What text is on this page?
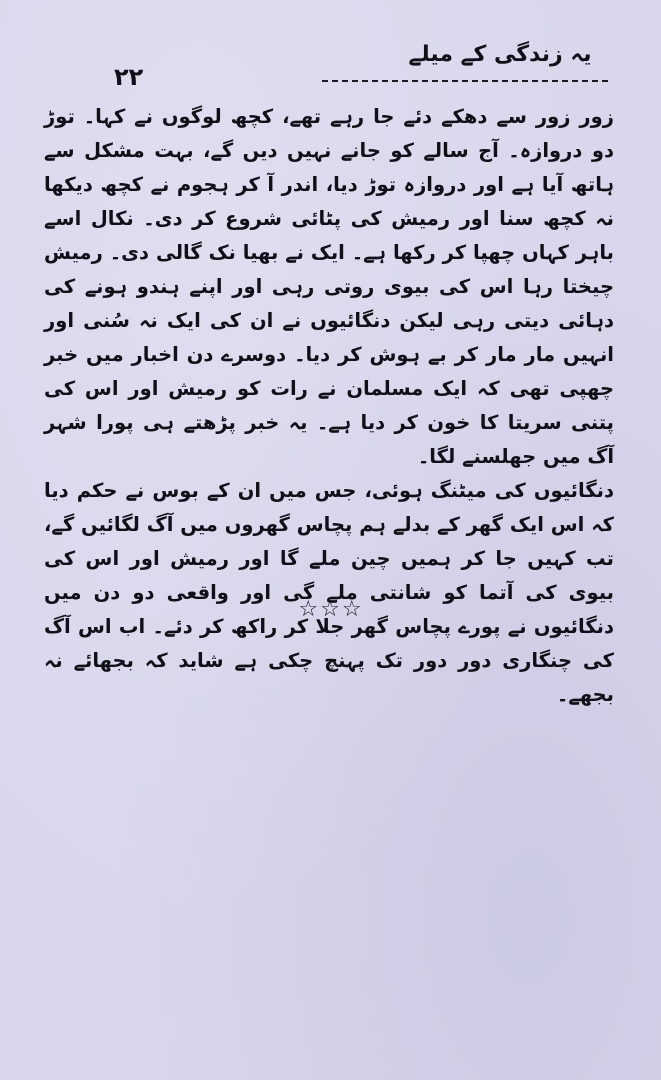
۲۲
یہ زندگی کے میلے

زور زور سے دھکے دئے جا رہے تھے، کچھ لوگوں نے کہا۔ توڑ دو دروازہ۔ آج سالے کو جانے نہیں دیں گے، بہت مشکل سے ہاتھ آیا ہے اور دروازہ توڑ دیا، اندر آ کر ہجوم نے کچھ دیکھا نہ کچھ سنا اور رمیش کی پٹائی شروع کر دی۔ نکال اسے باہر کہاں چھپا کر رکھا ہے۔ ایک نے بھیا نک گالی دی۔ رمیش چیختا رہا اس کی بیوی روتی رہی اور اپنے ہندو ہونے کی دہائی دیتی رہی لیکن دنگائیوں نے ان کی ایک نہ سُنی اور انہیں مار مار کر بے ہوش کر دیا۔ دوسرے دن اخبار میں خبر چھپی تھی کہ ایک مسلمان نے رات کو رمیش اور اس کی پتنی سریتا کا خون کر دیا ہے۔ یہ خبر پڑھتے ہی پورا شہر آگ میں جھلسنے لگا۔

دنگائیوں کی میٹنگ ہوئی، جس میں ان کے بوس نے حکم دیا کہ اس ایک گھر کے بدلے ہم پچاس گھروں میں آگ لگائیں گے، تب کہیں جا کر ہمیں چین ملے گا اور رمیش اور اس کی بیوی کی آتما کو شانتی ملے گی اور واقعی دو دن میں دنگائیوں نے پورے پچاس گھر جلا کر راکھ کر دئے۔ اب اس آگ کی چنگاری دور دور تک پہنچ چکی ہے شاید کہ بجھائے نہ بجھے۔

☆☆☆
